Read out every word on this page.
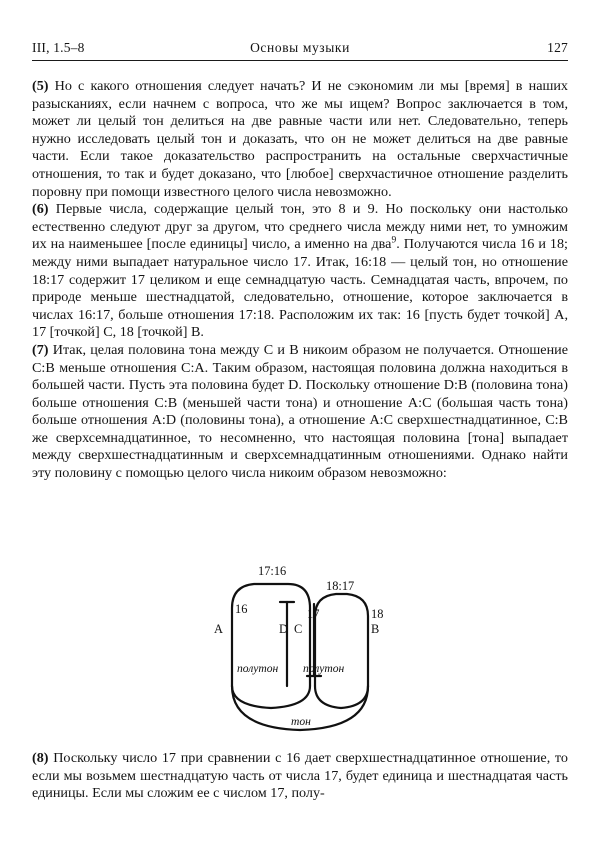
III, 1.5–8	Основы музыки	127

(5) Но с какого отношения следует начать? И не сэкономим ли мы [время] в наших разысканиях, если начнем с вопроса, что же мы ищем? Вопрос заключается в том, может ли целый тон делиться на две равные части или нет. Следовательно, теперь нужно исследовать целый тон и доказать, что он не может делиться на две равные части. Если такое доказательство распространить на остальные сверхчастичные отношения, то так и будет доказано, что [любое] сверхчастичное отношение разделить поровну при помощи известного целого числа невозможно.

(6) Первые числа, содержащие целый тон, это 8 и 9. Но поскольку они настолько естественно следуют друг за другом, что среднего числа между ними нет, то умножим их на наименьшее [после единицы] число, а именно на два$^9$. Получаются числа 16 и 18; между ними выпадает натуральное число 17. Итак, 16:18 — целый тон, но отношение 18:17 содержит 17 целиком и еще семнадцатую часть. Семнадцатая часть, впрочем, по природе меньше шестнадцатой, следовательно, отношение, которое заключается в числах 16:17, больше отношения 17:18. Расположим их так: 16 [пусть будет точкой] A, 17 [точкой] C, 18 [точкой] B.

(7) Итак, целая половина тона между C и B никоим образом не получается. Отношение C:B меньше отношения C:A. Таким образом, настоящая половина должна находиться в большей части. Пусть эта половина будет D. Поскольку отношение D:B (половина тона) больше отношения C:B (меньшей части тона) и отношение A:C (большая часть тона) больше отношения A:D (половины тона), а отношение A:C сверхшестнадцатинное, C:B же сверхсемнадцатинное, то несомненно, что настоящая половина [тона] выпадает между сверхшестнадцатинным и сверхсемнадцатинным отношениями. Однако найти эту половину с помощью целого числа никоим образом невозможно:

17:16
18:17
16	17	18
A	D C	B
полутон полутон
тон

(8) Поскольку число 17 при сравнении с 16 дает сверхшестнадцатинное отношение, то если мы возьмем шестнадцатую часть от числа 17, будет единица и шестнадцатая часть единицы. Если мы сложим ее с числом 17, полу-
